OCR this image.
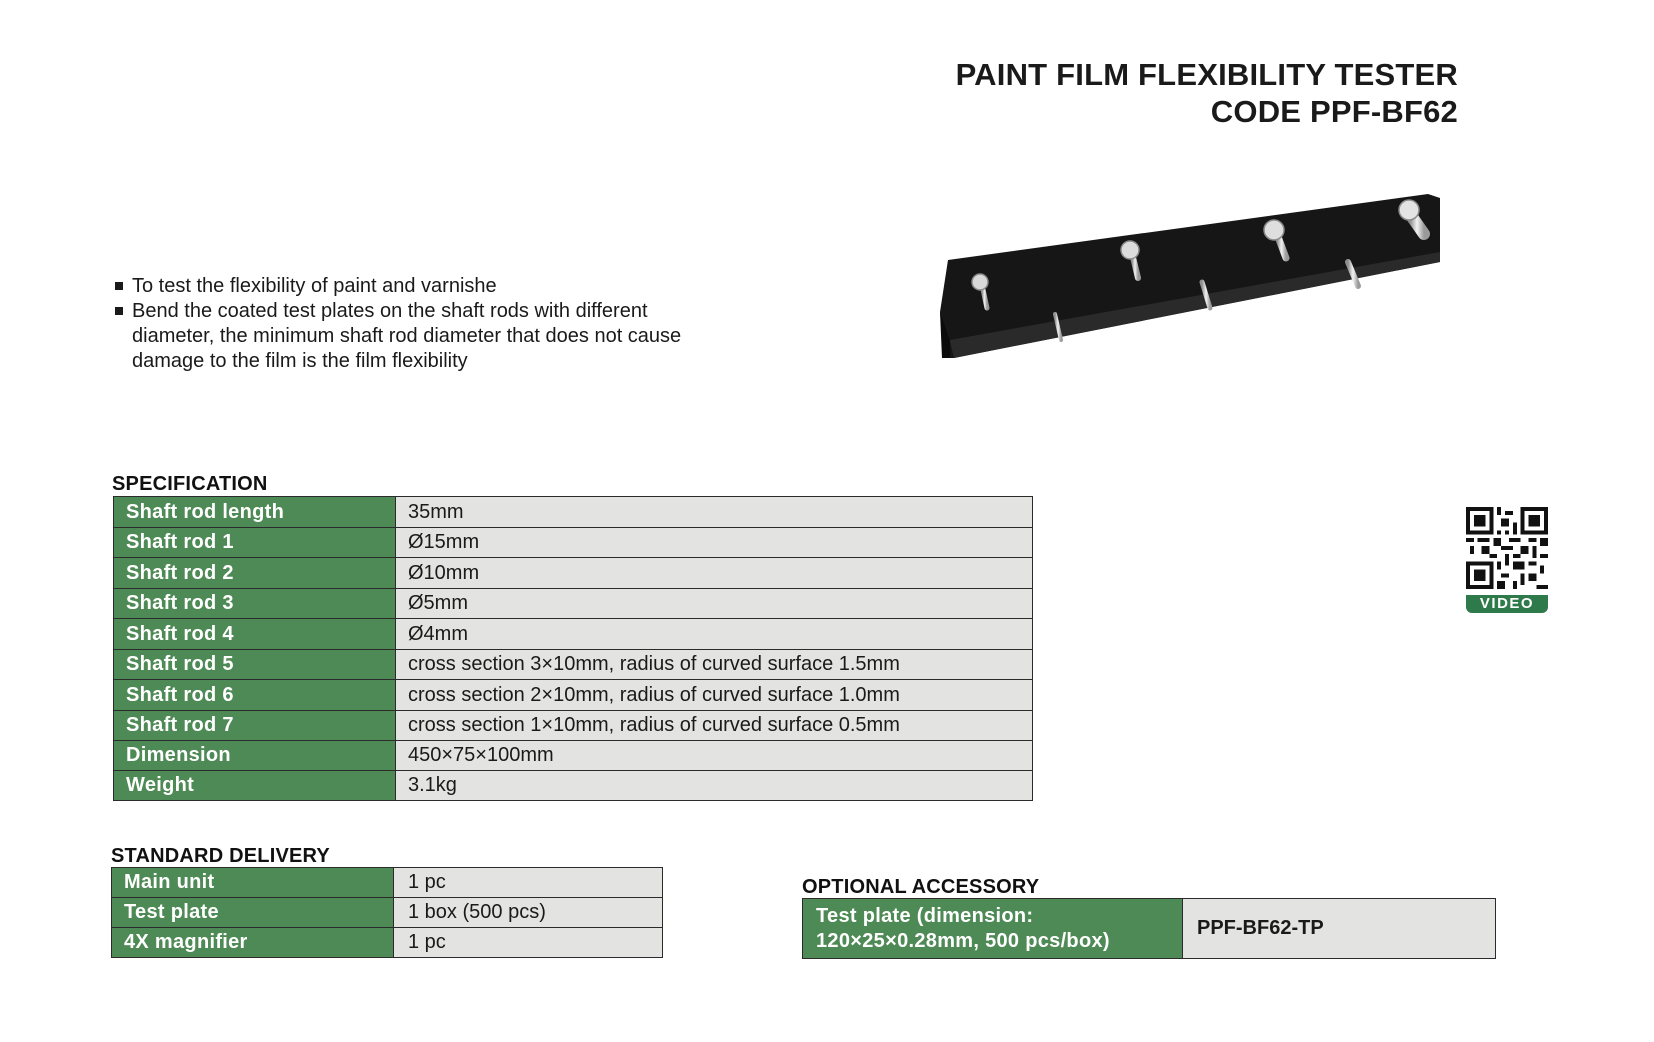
PAINT FILM FLEXIBILITY TESTER
CODE PPF-BF62
To test the flexibility of paint and varnishe
Bend the coated test plates on the shaft rods with different diameter, the minimum shaft rod diameter that does not cause damage to the film is the film flexibility
VIDEO
SPECIFICATION
Shaft rod length	35mm
Shaft rod 1	Ø15mm
Shaft rod 2	Ø10mm
Shaft rod 3	Ø5mm
Shaft rod 4	Ø4mm
Shaft rod 5	cross section 3×10mm, radius of curved surface 1.5mm
Shaft rod 6	cross section 2×10mm, radius of curved surface 1.0mm
Shaft rod 7	cross section 1×10mm, radius of curved surface 0.5mm
Dimension	450×75×100mm
Weight	3.1kg
STANDARD DELIVERY
Main unit	1 pc
Test plate	1 box (500 pcs)
4X magnifier	1 pc
OPTIONAL ACCESSORY
Test plate (dimension:
120×25×0.28mm, 500 pcs/box)
	PPF-BF62-TP
